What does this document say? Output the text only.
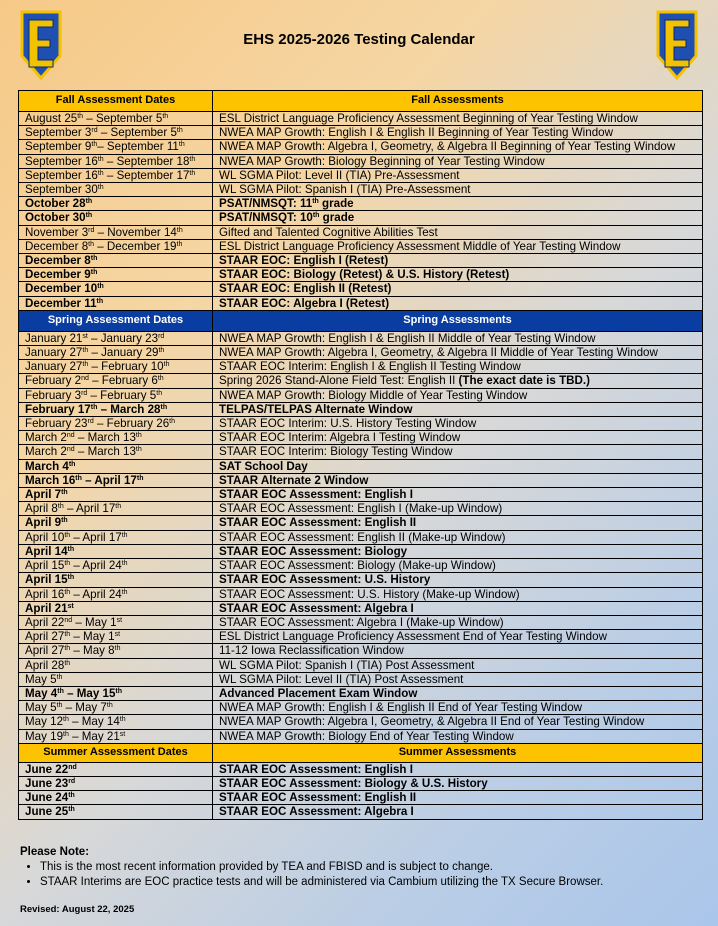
EHS 2025-2026 Testing Calendar
Fall Assessment Dates	Fall Assessments
August 25th – September 5th	ESL District Language Proficiency Assessment Beginning of Year Testing Window
September 3rd – September 5th	NWEA MAP Growth: English I & English II Beginning of Year Testing Window
September 9th– September 11th	NWEA MAP Growth: Algebra I, Geometry, & Algebra II Beginning of Year Testing Window
September 16th – September 18th	NWEA MAP Growth: Biology Beginning of Year Testing Window
September 16th – September 17th	WL SGMA Pilot: Level II (TIA) Pre-Assessment
September 30th	WL SGMA Pilot: Spanish I (TIA) Pre-Assessment
October 28th	PSAT/NMSQT: 11th grade
October 30th	PSAT/NMSQT: 10th grade
November 3rd – November 14th	Gifted and Talented Cognitive Abilities Test
December 8th – December 19th	ESL District Language Proficiency Assessment Middle of Year Testing Window
December 8th	STAAR EOC: English I (Retest)
December 9th	STAAR EOC: Biology (Retest) & U.S. History (Retest)
December 10th	STAAR EOC: English II (Retest)
December 11th	STAAR EOC: Algebra I (Retest)
Spring Assessment Dates	Spring Assessments
January 21st – January 23rd	NWEA MAP Growth: English I & English II Middle of Year Testing Window
January 27th – January 29th	NWEA MAP Growth: Algebra I, Geometry, & Algebra II Middle of Year Testing Window
January 27th – February 10th	STAAR EOC Interim: English I & English II Testing Window
February 2nd – February 6th	Spring 2026 Stand-Alone Field Test: English II (The exact date is TBD.)
February 3rd – February 5th	NWEA MAP Growth: Biology Middle of Year Testing Window
February 17th – March 28th	TELPAS/TELPAS Alternate Window
February 23rd – February 26th	STAAR EOC Interim: U.S. History Testing Window
March 2nd – March 13th	STAAR EOC Interim: Algebra I Testing Window
March 2nd – March 13th	STAAR EOC Interim: Biology Testing Window
March 4th	SAT School Day
March 16th – April 17th	STAAR Alternate 2 Window
April 7th	STAAR EOC Assessment: English I
April 8th – April 17th	STAAR EOC Assessment: English I (Make-up Window)
April 9th	STAAR EOC Assessment: English II
April 10th – April 17th	STAAR EOC Assessment: English II (Make-up Window)
April 14th	STAAR EOC Assessment: Biology
April 15th – April 24th	STAAR EOC Assessment: Biology (Make-up Window)
April 15th	STAAR EOC Assessment: U.S. History
April 16th – April 24th	STAAR EOC Assessment: U.S. History (Make-up Window)
April 21st	STAAR EOC Assessment: Algebra I
April 22nd – May 1st	STAAR EOC Assessment: Algebra I (Make-up Window)
April 27th – May 1st	ESL District Language Proficiency Assessment End of Year Testing Window
April 27th – May 8th	11-12 Iowa Reclassification Window
April 28th	WL SGMA Pilot: Spanish I (TIA) Post Assessment
May 5th	WL SGMA Pilot: Level II (TIA) Post Assessment
May 4th – May 15th	Advanced Placement Exam Window
May 5th – May 7th	NWEA MAP Growth: English I & English II End of Year Testing Window
May 12th – May 14th	NWEA MAP Growth: Algebra I, Geometry, & Algebra II End of Year Testing Window
May 19th – May 21st	NWEA MAP Growth: Biology End of Year Testing Window
Summer Assessment Dates	Summer Assessments
June 22nd	STAAR EOC Assessment: English I
June 23rd	STAAR EOC Assessment: Biology & U.S. History
June 24th	STAAR EOC Assessment: English II
June 25th	STAAR EOC Assessment: Algebra I
Please Note:
• This is the most recent information provided by TEA and FBISD and is subject to change.
• STAAR Interims are EOC practice tests and will be administered via Cambium utilizing the TX Secure Browser.
Revised: August 22, 2025
